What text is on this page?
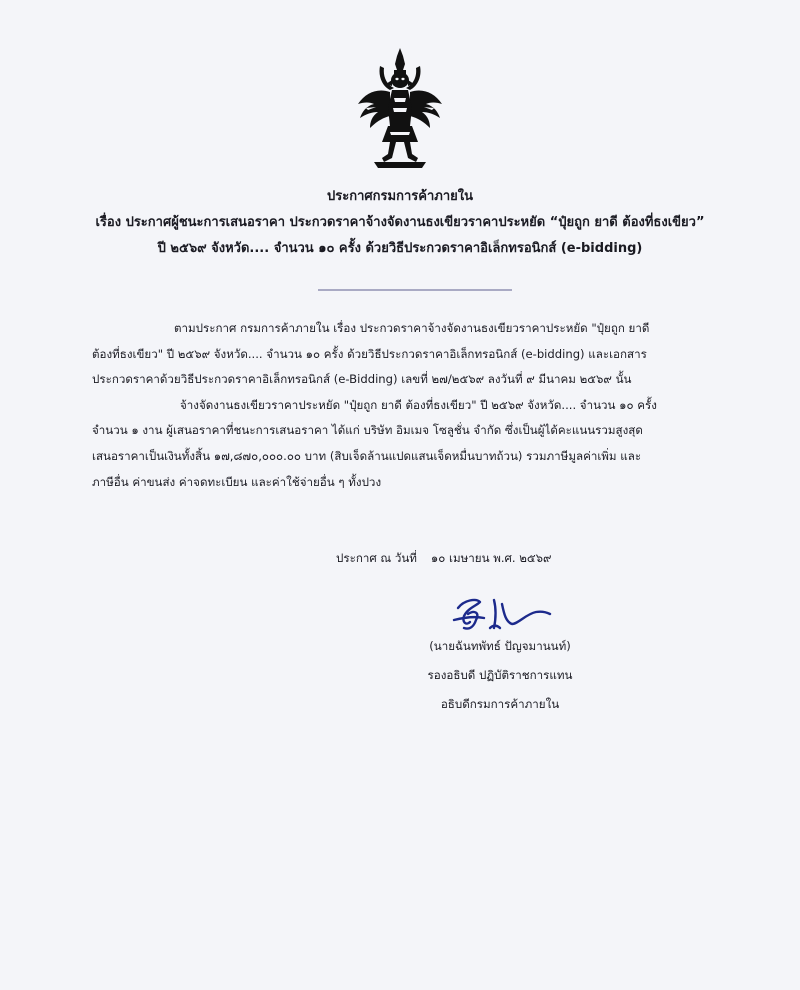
ประกาศกรมการค้าภายใน
เรื่อง ประกาศผู้ชนะการเสนอราคา ประกวดราคาจ้างจัดงานธงเขียวราคาประหยัด “ปุ๋ยถูก ยาดี ต้องที่ธงเขียว”
ปี ๒๕๖๙ จังหวัด.... จำนวน ๑๐ ครั้ง ด้วยวิธีประกวดราคาอิเล็กทรอนิกส์ (e-bidding)
ตามประกาศ กรมการค้าภายใน เรื่อง ประกวดราคาจ้างจัดงานธงเขียวราคาประหยัด "ปุ๋ยถูก ยาดี
ต้องที่ธงเขียว" ปี ๒๕๖๙ จังหวัด.... จำนวน ๑๐ ครั้ง ด้วยวิธีประกวดราคาอิเล็กทรอนิกส์ (e-bidding) และเอกสาร
ประกวดราคาด้วยวิธีประกวดราคาอิเล็กทรอนิกส์ (e-Bidding) เลขที่ ๒๗/๒๕๖๙ ลงวันที่ ๙ มีนาคม ๒๕๖๙ นั้น
จ้างจัดงานธงเขียวราคาประหยัด "ปุ๋ยถูก ยาดี ต้องที่ธงเขียว" ปี ๒๕๖๙ จังหวัด.... จำนวน ๑๐ ครั้ง
จำนวน ๑ งาน ผู้เสนอราคาที่ชนะการเสนอราคา ได้แก่ บริษัท อิมเมจ โซลูชั่น จำกัด ซึ่งเป็นผู้ได้คะแนนรวมสูงสุด
เสนอราคาเป็นเงินทั้งสิ้น ๑๗,๘๗๐,๐๐๐.๐๐ บาท (สิบเจ็ดล้านแปดแสนเจ็ดหมื่นบาทถ้วน) รวมภาษีมูลค่าเพิ่ม และ
ภาษีอื่น ค่าขนส่ง ค่าจดทะเบียน และค่าใช้จ่ายอื่น ๆ ทั้งปวง
ประกาศ ณ วันที่ ๑๐ เมษายน พ.ศ. ๒๕๖๙
(นายฉันทพัทธ์ ปัญจมานนท์)
รองอธิบดี ปฏิบัติราชการแทน
อธิบดีกรมการค้าภายใน
